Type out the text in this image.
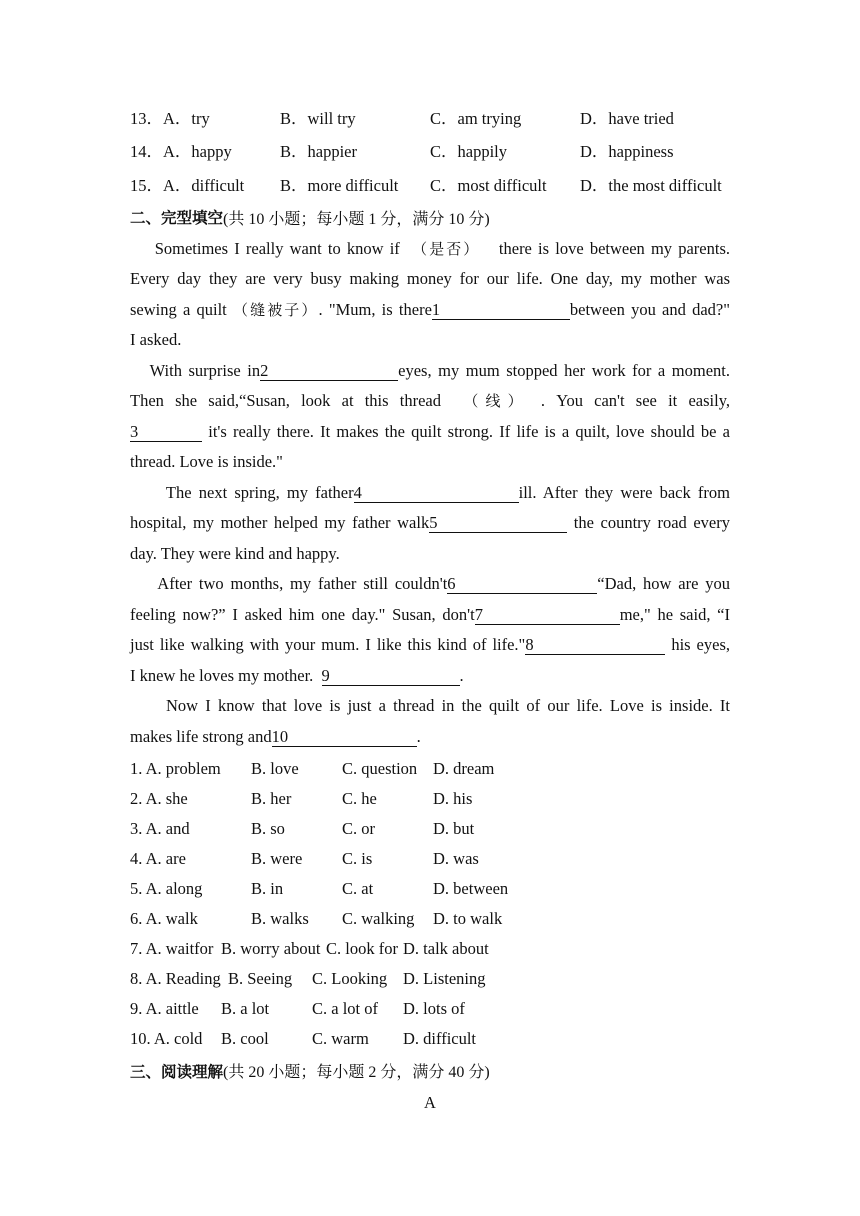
13．A．try	B．will try	C．am trying	D．have tried
14．A．happy	B．happier	C．happily	D．happiness
15．A．difficult	B．more difficult	C．most difficult	D．the most difficult
二、完型填空 (共 10 小题；每小题 1 分，满分 10 分)
Sometimes I really want to know if （是否） there is love between my parents.
Every day they are very busy making money for our life. One day, my mother was
sewing a quilt （缝被子）. "Mum, is there1	between you and dad?"
I asked.
With surprise in2	eyes, my mum stopped her work for a moment.
Then she said,“Susan, look at this thread （线） . You can't see it easily,
3	it's really there. It makes the quilt strong. If life is a quilt, love should be a
thread. Love is inside."
The next spring, my father4	ill. After they were back from
hospital, my mother helped my father walk5	the country road every
day. They were kind and happy.
After two months, my father still couldn't6	“Dad, how are you
feeling now?” I asked him one day." Susan, don't7	me," he said, “I
just like walking with your mum. I like this kind of life."8	his eyes,
I knew he loves my mother. 9	.
Now I know that love is just a thread in the quilt of our life. Love is inside. It
makes life strong and10	.
1. A. problem	B. love	C. question D. dream
2. A. she	B. her	C. he	D. his
3. A. and	B. so	C. or	D. but
4. A. are	B. were	C. is	D. was
5. A. along	B. in	C. at	D. between
6. A. walk	B. walks	C. walking	D. to walk
7. A. waitfor B. worry about C. look for D. talk about
8. A. Reading B. Seeing	C. Looking D. Listening
9. A. aittle	B. a lot	C. a lot of	D. lots of
10. A. cold	B. cool	C. warm	D. difficult
三、阅读理解 (共 20 小题；每小题 2 分，满分 40 分)
A
